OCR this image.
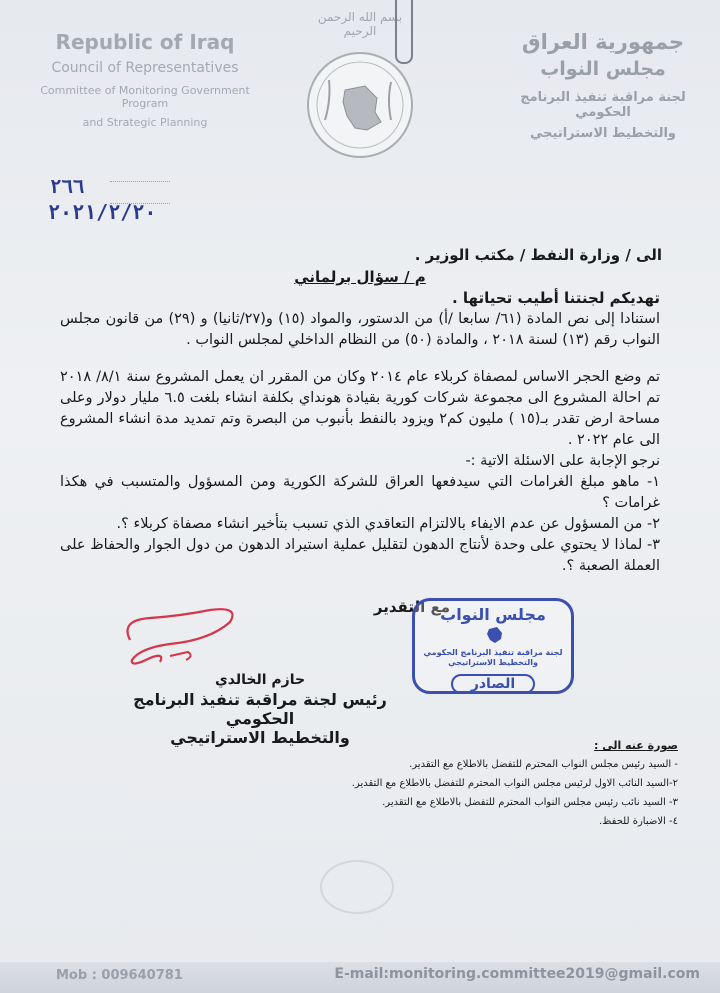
جمهورية العراق
مجلس النواب
لجنة مراقبة تنفيذ البرنامج الحكومي
والتخطيط الاستراتيجي
Republic of Iraq
Council of Representatives
Committee of Monitoring Government Program
and Strategic Planning
بسم الله الرحمن الرحيم
٢٦٦
٢٠٢١/٢/٢٠
الى / وزارة النفط / مكتب الوزير .
م / سؤال برلماني

تهديكم لجنتنا أطيب تحياتها .

استنادا إلى نص المادة (٦١/ سابعا /أ) من الدستور، والمواد (١٥) و(٢٧/ثانيا) و (٢٩) من قانون مجلس النواب رقم (١٣) لسنة ٢٠١٨ ، والمادة (٥٠) من النظام الداخلي لمجلس النواب .

تم وضع الحجر الاساس لمصفاة كربلاء عام ٢٠١٤ وكان من المقرر ان يعمل المشروع سنة ٨/١/ ٢٠١٨ تم احالة المشروع الى مجموعة شركات كورية بقيادة هونداي بكلفة انشاء بلغت ٦.٥ مليار دولار وعلى مساحة ارض تقدر بـ(١٥ ) مليون كم٢ ويزود بالنفط بأنبوب من البصرة وتم تمديد مدة انشاء المشروع الى عام ٢٠٢٢ .

نرجو الإجابة على الاسئلة الاتية :-

١- ماهو مبلغ الغرامات التي سيدفعها العراق للشركة الكورية ومن المسؤول والمتسبب في هكذا غرامات ؟
٢- من المسؤول عن عدم الايفاء بالالتزام التعاقدي الذي تسبب بتأخير انشاء مصفاة كربلاء ؟.
٣- لماذا لا يحتوي على وحدة لأنتاج الدهون لتقليل عملية استيراد الدهون من دول الجوار والحفاظ على العملة الصعبة ؟.
مع التقدير
مجلس النواب
لجنة مراقبة تنفيذ البرنامج الحكومي والتخطيط الاستراتيجي
الصادر
حازم الخالدي
رئيس لجنة مراقبة تنفيذ البرنامج الحكومي
والتخطيط الاستراتيجي	صورة عنه الى :
- السيد رئيس مجلس النواب المحترم للتفضل بالاطلاع مع التقدير.
٢-السيد النائب الاول لرئيس مجلس النواب المحترم للتفضل بالاطلاع مع التقدير.
٣- السيد نائب رئيس مجلس النواب المحترم للتفضل بالاطلاع مع التقدير.
٤- الاضبارة للحفظ.
Mob : 009640781	E-mail:monitoring.committee2019@gmail.com
